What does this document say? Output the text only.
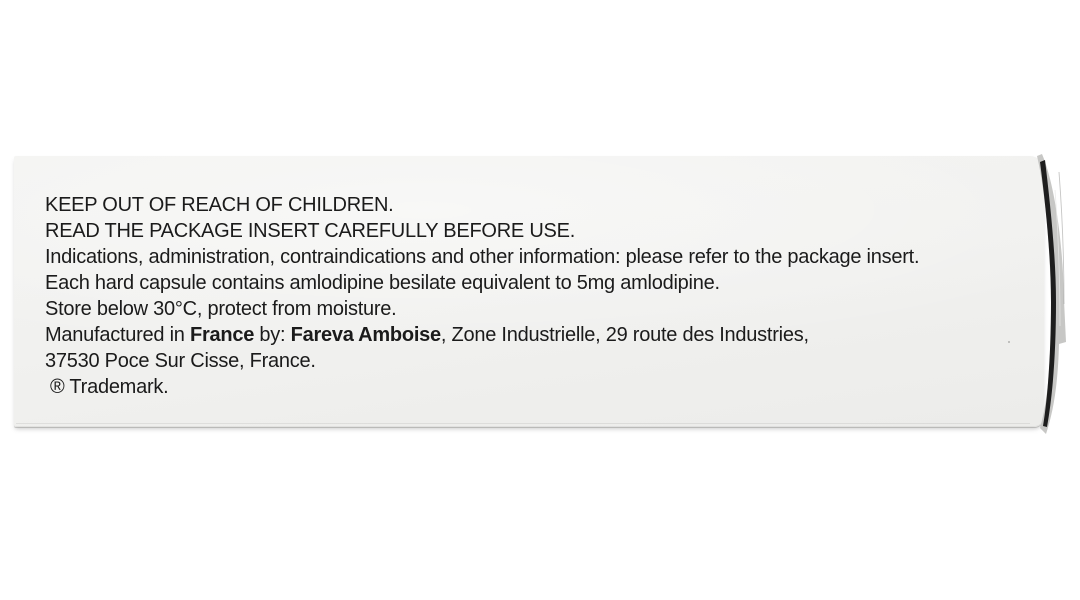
KEEP OUT OF REACH OF CHILDREN.

READ THE PACKAGE INSERT CAREFULLY BEFORE USE.

Indications, administration, contraindications and other information: please refer to the package insert.

Each hard capsule contains amlodipine besilate equivalent to 5mg amlodipine.

Store below 30°C, protect from moisture.

Manufactured in France by: Fareva Amboise, Zone Industrielle, 29 route des Industries,

37530 Poce Sur Cisse, France.

® Trademark.
